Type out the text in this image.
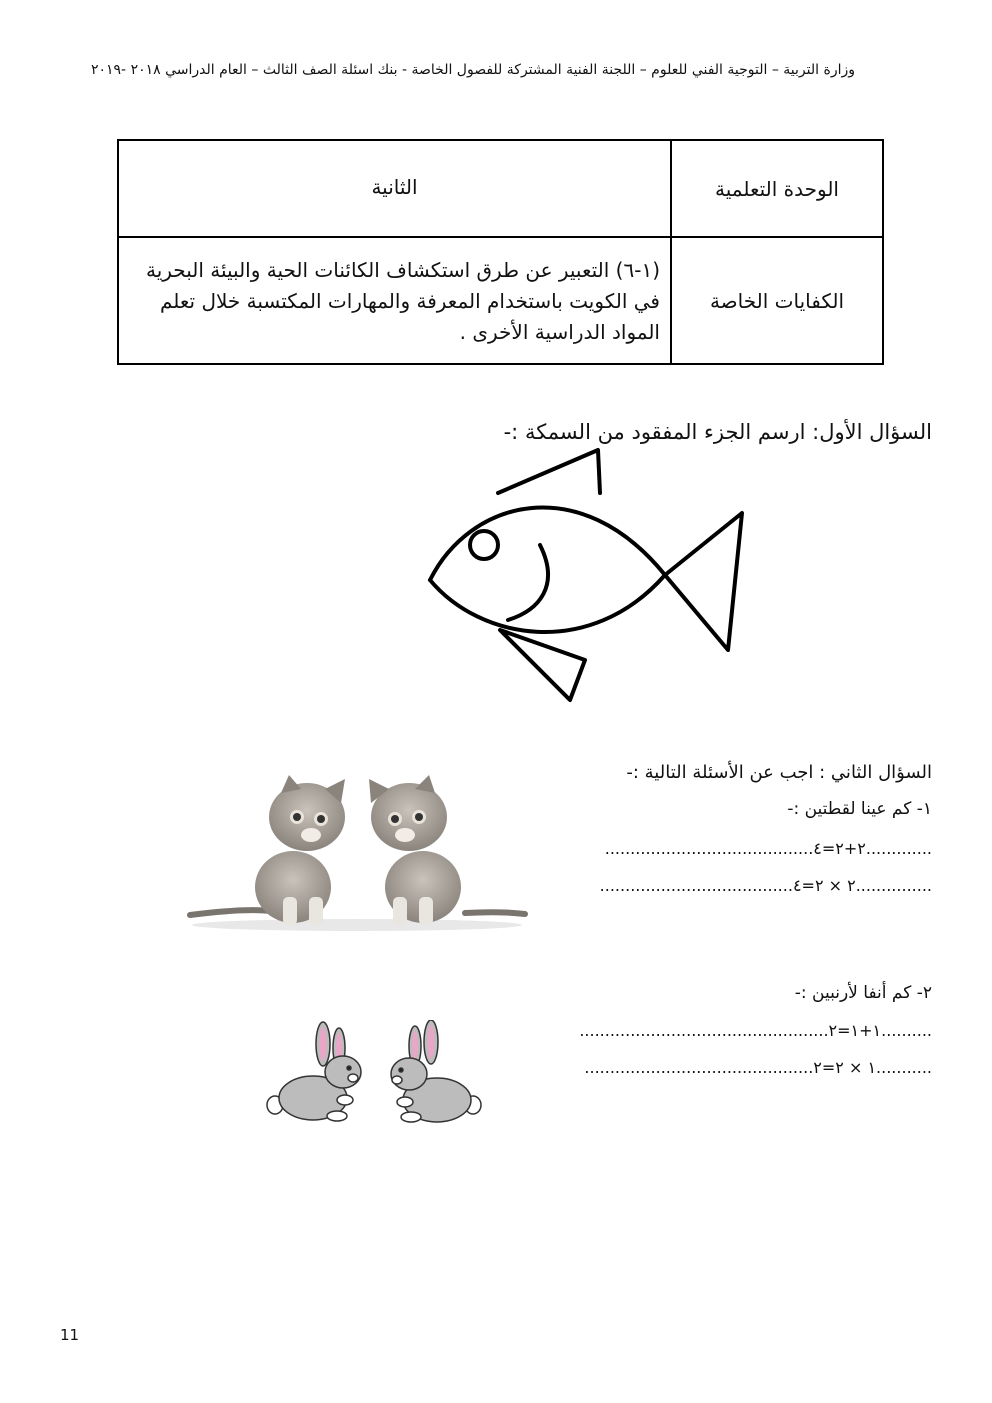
وزارة التربية – التوجية الفني للعلوم – اللجنة الفنية المشتركة للفصول الخاصة - بنك اسئلة الصف الثالث – العام الدراسي ٢٠١٨ -٢٠١٩
الوحدة التعلمية	الثانية
الكفايات الخاصة	(١-٦) التعبير عن طرق استكشاف الكائنات الحية والبيئة البحرية في الكويت باستخدام المعرفة والمهارات المكتسبة خلال تعلم المواد الدراسية الأخرى .
السؤال الأول: ارسم الجزء المفقود من السمكة :-
السؤال الثاني : اجب عن الأسئلة التالية :-
١- كم عينا لقطتين :-
.............٢+٢=٤.........................................
...............٢ × ٢=٤......................................
٢- كم أنفا لأرنبين :-
..........١+١=٢.................................................
...........١ × ٢=٢.............................................
11
